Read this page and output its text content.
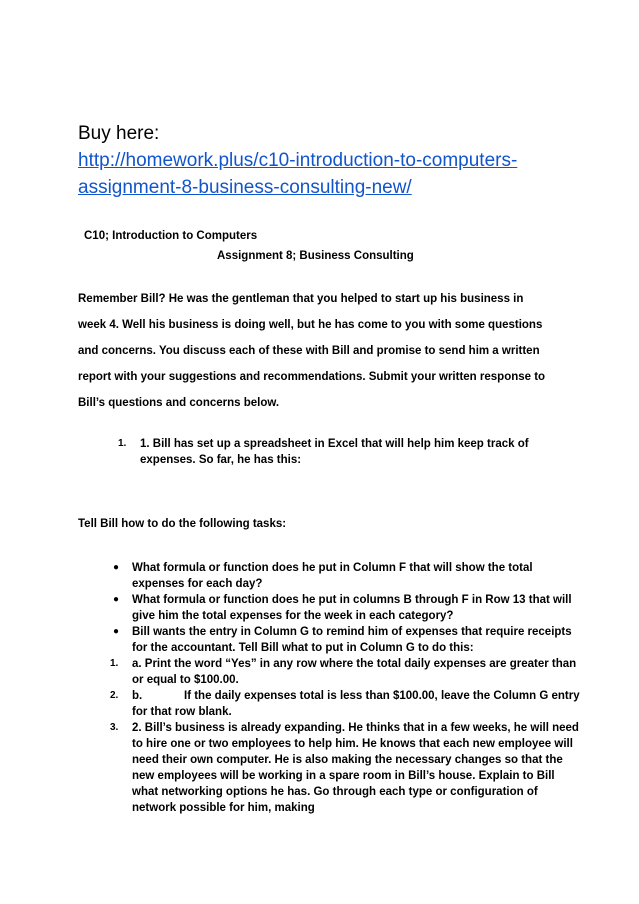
Buy here:
http://homework.plus/c10-introduction-to-computers-assignment-8-business-consulting-new/
C10; Introduction to Computers
Assignment 8; Business Consulting
Remember Bill? He was the gentleman that you helped to start up his business in
week 4. Well his business is doing well, but he has come to you with some questions
and concerns. You discuss each of these with Bill and promise to send him a written
report with your suggestions and recommendations. Submit your written response to
Bill’s questions and concerns below.
1. 1. Bill has set up a spreadsheet in Excel that will help him keep track of expenses. So far, he has this:
Tell Bill how to do the following tasks:
● What formula or function does he put in Column F that will show the total expenses for each day?
● What formula or function does he put in columns B through F in Row 13 that will give him the total expenses for the week in each category?
● Bill wants the entry in Column G to remind him of expenses that require receipts for the accountant. Tell Bill what to put in Column G to do this:
1. a. Print the word “Yes” in any row where the total daily expenses are greater than or equal to $100.00.
2. b.	If the daily expenses total is less than $100.00, leave the Column G entry for that row blank.
3. 2. Bill’s business is already expanding. He thinks that in a few weeks, he will need to hire one or two employees to help him. He knows that each new employee will need their own computer. He is also making the necessary changes so that the new employees will be working in a spare room in Bill’s house. Explain to Bill what networking options he has. Go through each type or configuration of network possible for him, making
